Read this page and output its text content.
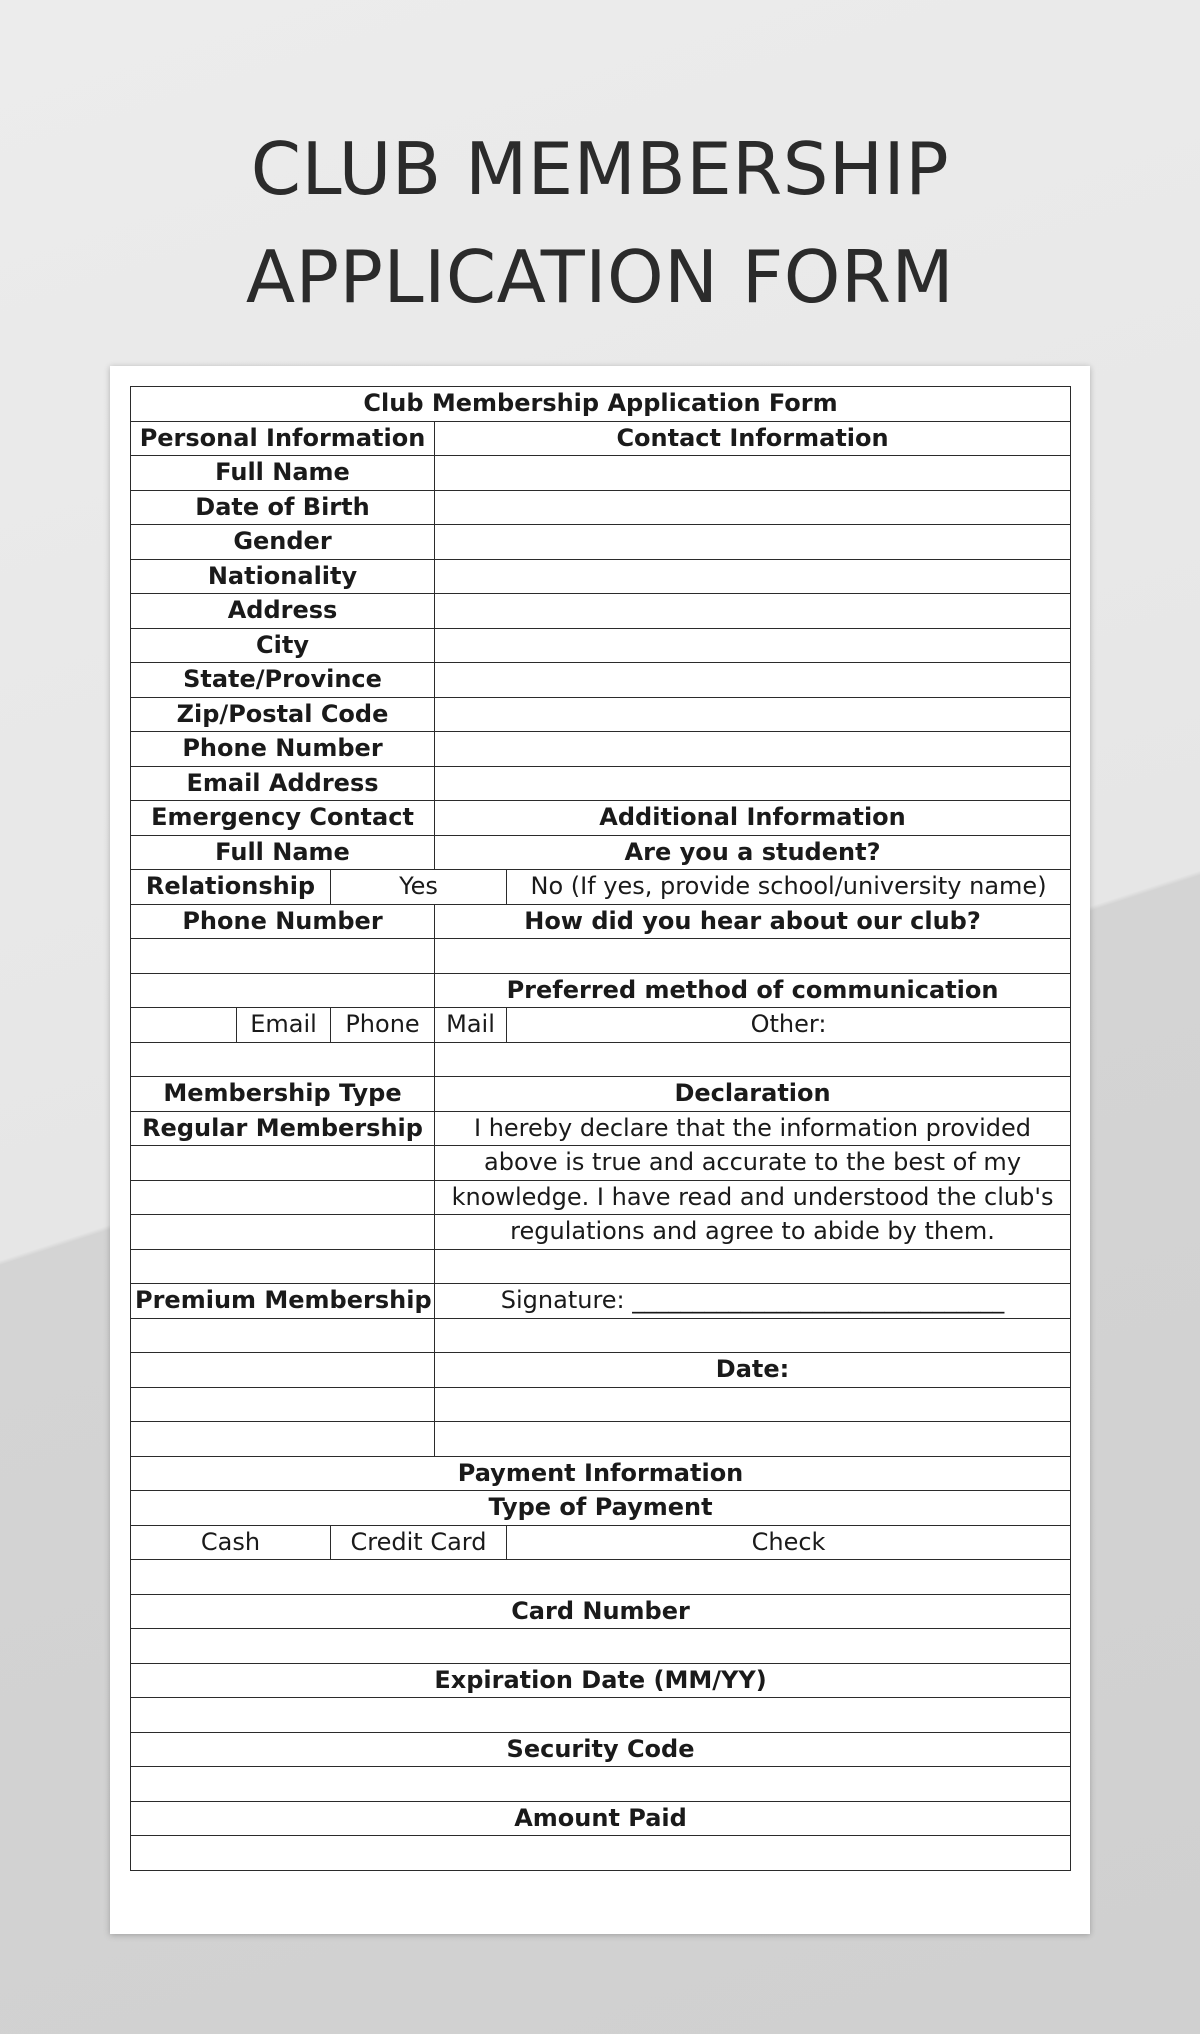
CLUB MEMBERSHIP
APPLICATION FORM
Club Membership Application Form				
Personal Information			Contact Information	
Full Name				
Date of Birth				
Gender				
Nationality				
Address				
City				
State/Province				
Zip/Postal Code				
Phone Number				
Email Address				
Emergency Contact			Additional Information	
Full Name			Are you a student?	
Relationship		Yes		No (If yes, provide school/university name)
Phone Number			How did you hear about our club?	

			Preferred method of communication	
	Email	Phone	Mail	Other:

Membership Type			Declaration	
Regular Membership			I hereby declare that the information provided	
			above is true and accurate to the best of my	
			knowledge. I have read and understood the club's	
			regulations and agree to abide by them.	

Premium Membership			Signature: _______________________________	

			Date:	

Payment Information				
Type of Payment				
Cash		Credit Card		Check

Card Number				

Expiration Date (MM/YY)				

Security Code				

Amount Paid				
